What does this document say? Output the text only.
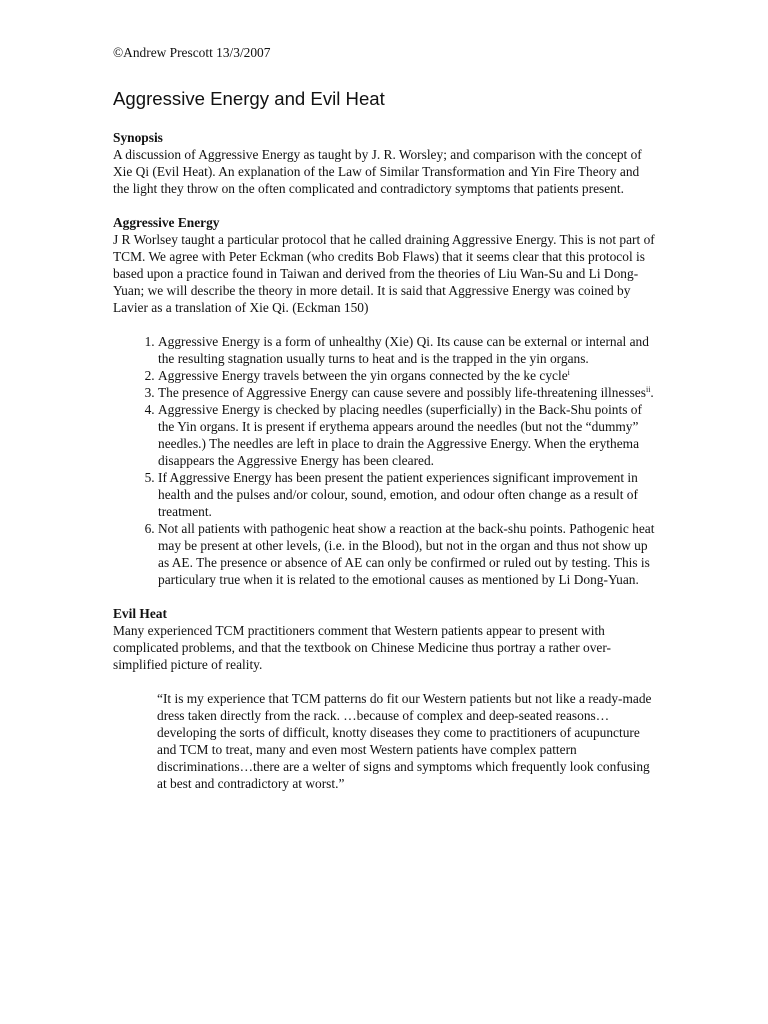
©Andrew Prescott 13/3/2007

Aggressive Energy and Evil Heat

Synopsis

A discussion of Aggressive Energy as taught by J. R. Worsley; and comparison with the concept of Xie Qi (Evil Heat). An explanation of the Law of Similar Transformation and Yin Fire Theory and the light they throw on the often complicated and contradictory symptoms that patients present.

Aggressive Energy

J R Worlsey taught a particular protocol that he called draining Aggressive Energy. This is not part of TCM. We agree with Peter Eckman (who credits Bob Flaws) that it seems clear that this protocol is based upon a practice found in Taiwan and derived from the theories of Liu Wan-Su and Li Dong-Yuan; we will describe the theory in more detail. It is said that Aggressive Energy was coined by Lavier as a translation of Xie Qi. (Eckman 150)

1. Aggressive Energy is a form of unhealthy (Xie) Qi. Its cause can be external or internal and the resulting stagnation usually turns to heat and is the trapped in the yin organs.
2. Aggressive Energy travels between the yin organs connected by the ke cycle$^i$
3. The presence of Aggressive Energy can cause severe and possibly life-threatening illnesses$^{ii}$.
4. Aggressive Energy is checked by placing needles (superficially) in the Back-Shu points of the Yin organs. It is present if erythema appears around the needles (but not the “dummy” needles.) The needles are left in place to drain the Aggressive Energy. When the erythema disappears the Aggressive Energy has been cleared.
5. If Aggressive Energy has been present the patient experiences significant improvement in health and the pulses and/or colour, sound, emotion, and odour often change as a result of treatment.
6. Not all patients with pathogenic heat show a reaction at the back-shu points. Pathogenic heat may be present at other levels, (i.e. in the Blood), but not in the organ and thus not show up as AE. The presence or absence of AE can only be confirmed or ruled out by testing. This is particulary true when it is related to the emotional causes as mentioned by Li Dong-Yuan.

Evil Heat

Many experienced TCM practitioners comment that Western patients appear to present with complicated problems, and that the textbook on Chinese Medicine thus portray a rather over-simplified picture of reality.

“It is my experience that TCM patterns do fit our Western patients but not like a ready-made dress taken directly from the rack. …because of complex and deep-seated reasons… developing the sorts of difficult, knotty diseases they come to practitioners of acupuncture and TCM to treat, many and even most Western patients have complex pattern discriminations…there are a welter of signs and symptoms which frequently look confusing at best and contradictory at worst.”
